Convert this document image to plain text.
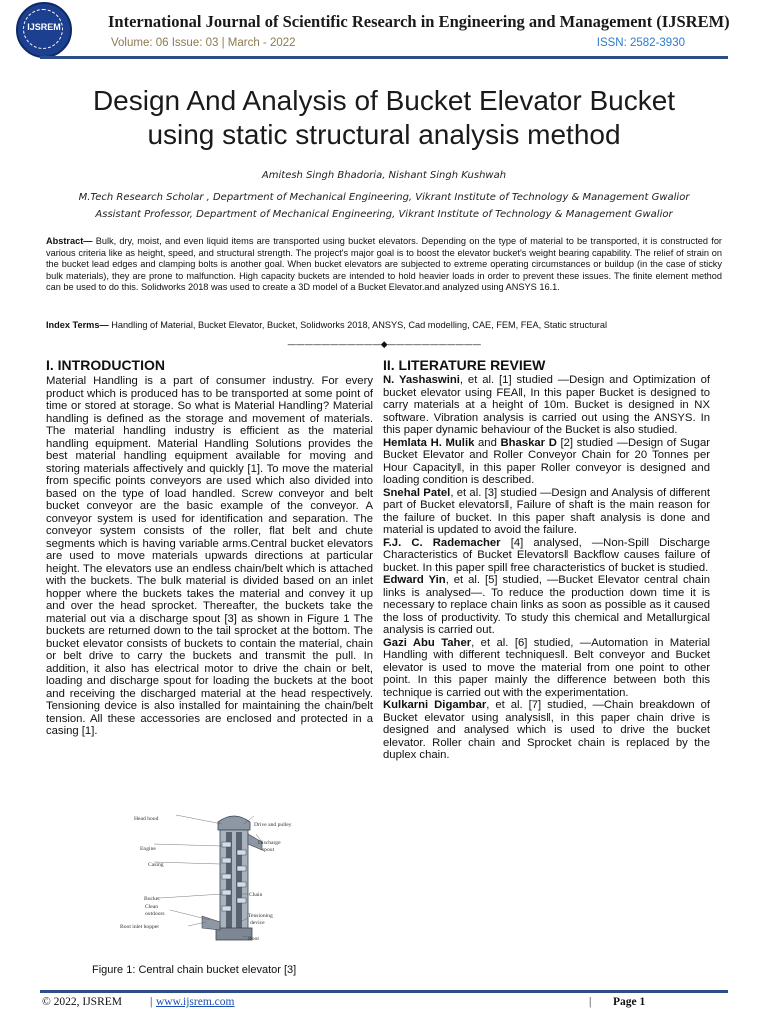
IJSREM	International Journal of Scientific Research in Engineering and Management (IJSREM)
Volume: 06 Issue: 03 | March - 2022	ISSN: 2582-3930
Design And Analysis of Bucket Elevator Bucket
using static structural analysis method
Amitesh Singh Bhadoria, Nishant Singh Kushwah
M.Tech Research Scholar , Department of Mechanical Engineering, Vikrant Institute of Technology & Management Gwalior
Assistant Professor, Department of Mechanical Engineering, Vikrant Institute of Technology & Management Gwalior
Abstract— Bulk, dry, moist, and even liquid items are transported using bucket elevators. Depending on the type of material to be transported, it is constructed for various criteria like as height, speed, and structural strength. The project's major goal is to boost the elevator bucket's weight bearing capability. The relief of strain on the bucket lead edges and clamping bolts is another goal. When bucket elevators are subjected to extreme operating circumstances or buildup (in the case of sticky bulk materials), they are prone to malfunction. High capacity buckets are intended to hold heavier loads in order to prevent these issues. The finite element method can be used to do this. Solidworks 2018 was used to create a 3D model of a Bucket Elevator.and analyzed using ANSYS 16.1.
Index Terms— Handling of Material, Bucket Elevator, Bucket, Solidworks 2018, ANSYS, Cad modelling, CAE, FEM, FEA, Static structural
———————————◆———————————
I. INTRODUCTION	II. LITERATURE REVIEW

Material Handling is a part of consumer industry. For every product which is produced has to be transported at some point of time or stored at storage. So what is Material Handling? Material handling is defined as the storage and movement of materials. The material handling industry is efficient as the material handling equipment. Material Handling Solutions provides the best material handling equipment available for moving and storing materials affectively and quickly [1]. To move the material from specific points conveyors are used which also divided into based on the type of load handled. Screw conveyor and belt bucket conveyor are the basic example of the conveyor. A conveyor system is used for identification and separation. The conveyor system consists of the roller, flat belt and chute segments which is having variable arms.Central bucket elevators are used to move materials upwards directions at particular height. The elevators use an endless chain/belt which is attached with the buckets. The bulk material is divided based on an inlet hopper where the buckets takes the material and convey it up and over the head sprocket. Thereafter, the buckets take the material out via a discharge spout [3] as shown in Figure 1 The buckets are returned down to the tail sprocket at the bottom. The bucket elevator consists of buckets to contain the material, chain or belt drive to carry the buckets and transmit the pull. In addition, it also has electrical motor to drive the chain or belt, loading and discharge spout for loading the buckets at the boot and receiving the discharged material at the head respectively. Tensioning device is also installed for maintaining the chain/belt tension. All these accessories are enclosed and protected in a casing [1].

Head hood
Drive and pulley
Engine
Discharge
spout
Casing
Chain
Bucket
Clean
outdoors	Tensioning
device
Boot inlet hopper
Boot
Figure 1: Central chain bucket elevator [3]

N. Yashaswini, et al. [1] studied —Design and Optimization of bucket elevator using FEA‖, In this paper Bucket is designed to carry materials at a height of 10m. Bucket is designed in NX software. Vibration analysis is carried out using the ANSYS. In this paper dynamic behaviour of the Bucket is also studied.

Hemlata H. Mulik and Bhaskar D [2] studied —Design of Sugar Bucket Elevator and Roller Conveyor Chain for 20 Tonnes per Hour Capacity‖, in this paper Roller conveyor is designed and loading condition is described.

Snehal Patel, et al. [3] studied —Design and Analysis of different part of Bucket elevators‖, Failure of shaft is the main reason for the failure of bucket. In this paper shaft analysis is done and material is updated to avoid the failure.

F.J. C. Rademacher [4] analysed, —Non-Spill Discharge Characteristics of Bucket Elevators‖ Backflow causes failure of bucket. In this paper spill free characteristics of bucket is studied.

Edward Yin, et al. [5] studied, —Bucket Elevator central chain links is analysed—. To reduce the production down time it is necessary to replace chain links as soon as possible as it caused the loss of productivity. To study this chemical and Metallurgical analysis is carried out.

Gazi Abu Taher, et al. [6] studied, —Automation in Material Handling with different techniques‖. Belt conveyor and Bucket elevator is used to move the material from one point to other point. In this paper mainly the difference between both this technique is carried out with the experimentation.

Kulkarni Digambar, et al. [7] studied, —Chain breakdown of Bucket elevator using analysis‖, in this paper chain drive is designed and analysed which is used to drive the bucket elevator. Roller chain and Sprocket chain is replaced by the duplex chain.

© 2022, IJSREM | www.ijsrem.com	| Page 1
